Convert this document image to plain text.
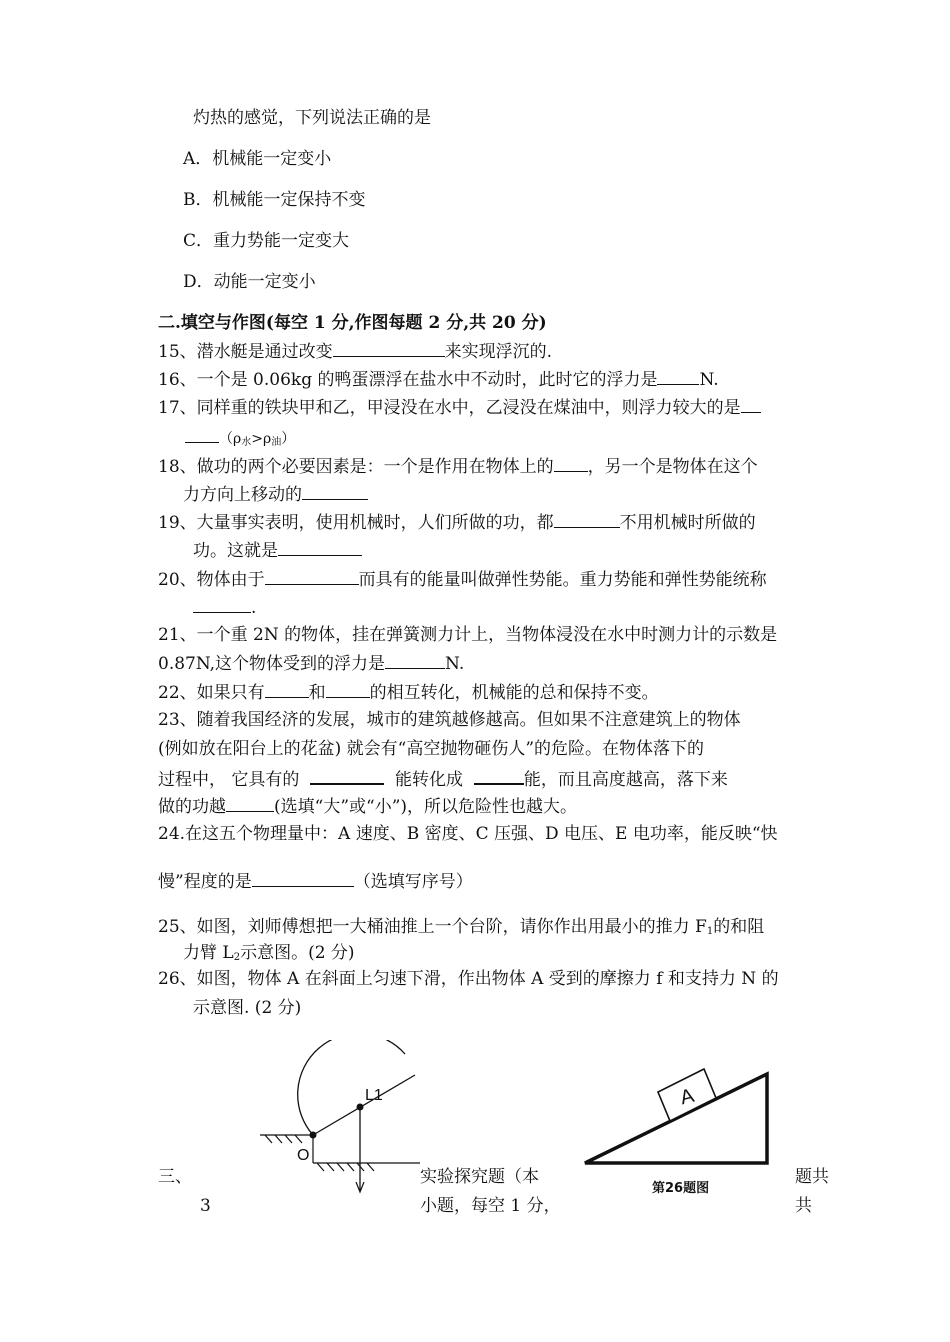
灼热的感觉，下列说法正确的是
A．机械能一定变小
B．机械能一定保持不变
C．重力势能一定变大
D．动能一定变小
二.填空与作图(每空 1 分,作图每题 2 分,共 20 分)
15、潜水艇是通过改变	来实现浮沉的.
16、一个是 0.06kg 的鸭蛋漂浮在盐水中不动时，此时它的浮力是 N.
17、同样重的铁块甲和乙，甲浸没在水中，乙浸没在煤油中，则浮力较大的是
$(\rho_水>\rho_油)$
18、做功的两个必要因素是：一个是作用在物体上的 ，另一个是物体在这个
力方向上移动的
19、大量事实表明，使用机械时，人们所做的功，都	不用机械时所做的
功。这就是
20、物体由于	而具有的能量叫做弹性势能。重力势能和弹性势能统称
.
21、一个重 2N 的物体，挂在弹簧测力计上，当物体浸没在水中时测力计的示数是
0.87N,这个物体受到的浮力是	N.
22、如果只有	和	的相互转化，机械能的总和保持不变。
23、随着我国经济的发展，城市的建筑越修越高。但如果不注意建筑上的物体
(例如放在阳台上的花盆) 就会有“高空抛物砸伤人”的危险。在物体落下的
过程中， 它具有的	能转化成	能，而且高度越高，落下来
做的功越	(选填“大”或“小”)，所以危险性也越大。
24.在这五个物理量中：A 速度、B 密度、C 压强、D 电压、E 电功率，能反映“快
慢”程度的是	（选填写序号）
25、如图，刘师傅想把一大桶油推上一个台阶，请你作出用最小的推力 $F_1$的和阻
力臂 $L_2$示意图。(2 分)
26、如图，物体 A 在斜面上匀速下滑，作出物体 A 受到的摩擦力 f 和支持力 N 的
示意图. (2 分)
L1
O
A
第26题图
三、
3
实验探究题（本
小题，每空 1 分，
题共
共
